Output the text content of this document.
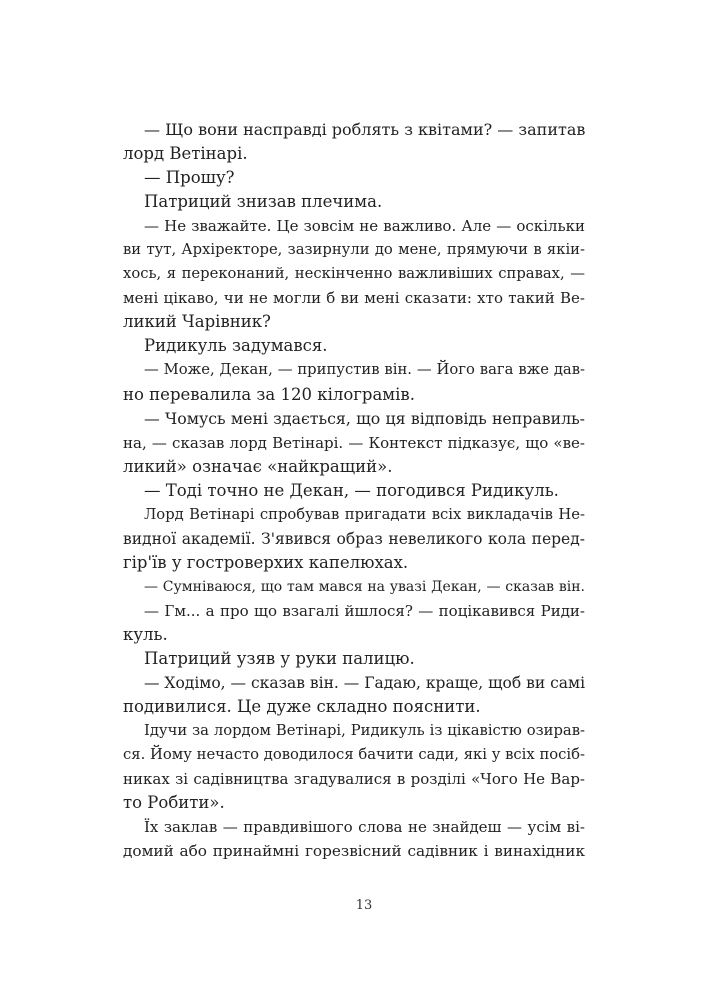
— Що вони насправді роблять з квітами? — запитав
лорд Ветінарі.
— Прошу?
Патриций знизав плечима.
— Не зважайте. Це зовсім не важливо. Але — оскільки
ви тут, Архіректоре, зазирнули до мене, прямуючи в якіи-
хось, я переконаний, нескінченно важливіших справах, —
мені цікаво, чи не могли б ви мені сказати: хто такий Ве-
ликий Чарівник?
Ридикуль задумався.
— Може, Декан, — припустив він. — Його вага вже дав-
но перевалила за 120 кілограмів.
— Чомусь мені здається, що ця відповідь неправиль-
на, — сказав лорд Ветінарі. — Контекст підказує, що «ве-
ликий» означає «найкращий».
— Тоді точно не Декан, — погодився Ридикуль.
Лорд Ветінарі спробував пригадати всіх викладачів Не-
видної академії. З'явився образ невеликого кола перед-
гір'їв у гостроверхих капелюхах.
— Сумніваюся, що там мався на увазі Декан, — сказав він.
— Гм... а про що взагалі йшлося? — поцікавився Риди-
куль.
Патриций узяв у руки палицю.
— Ходімо, — сказав він. — Гадаю, краще, щоб ви самі
подивилися. Це дуже складно пояснити.
Ідучи за лордом Ветінарі, Ридикуль із цікавістю озирав-
ся. Йому нечасто доводилося бачити сади, які у всіх посіб-
никах зі садівництва згадувалися в розділі «Чого Не Вар-
то Робити».
Їх заклав — правдивішого слова не знайдеш — усім ві-
домий або принаймні горезвісний садівник і винахідник
13
